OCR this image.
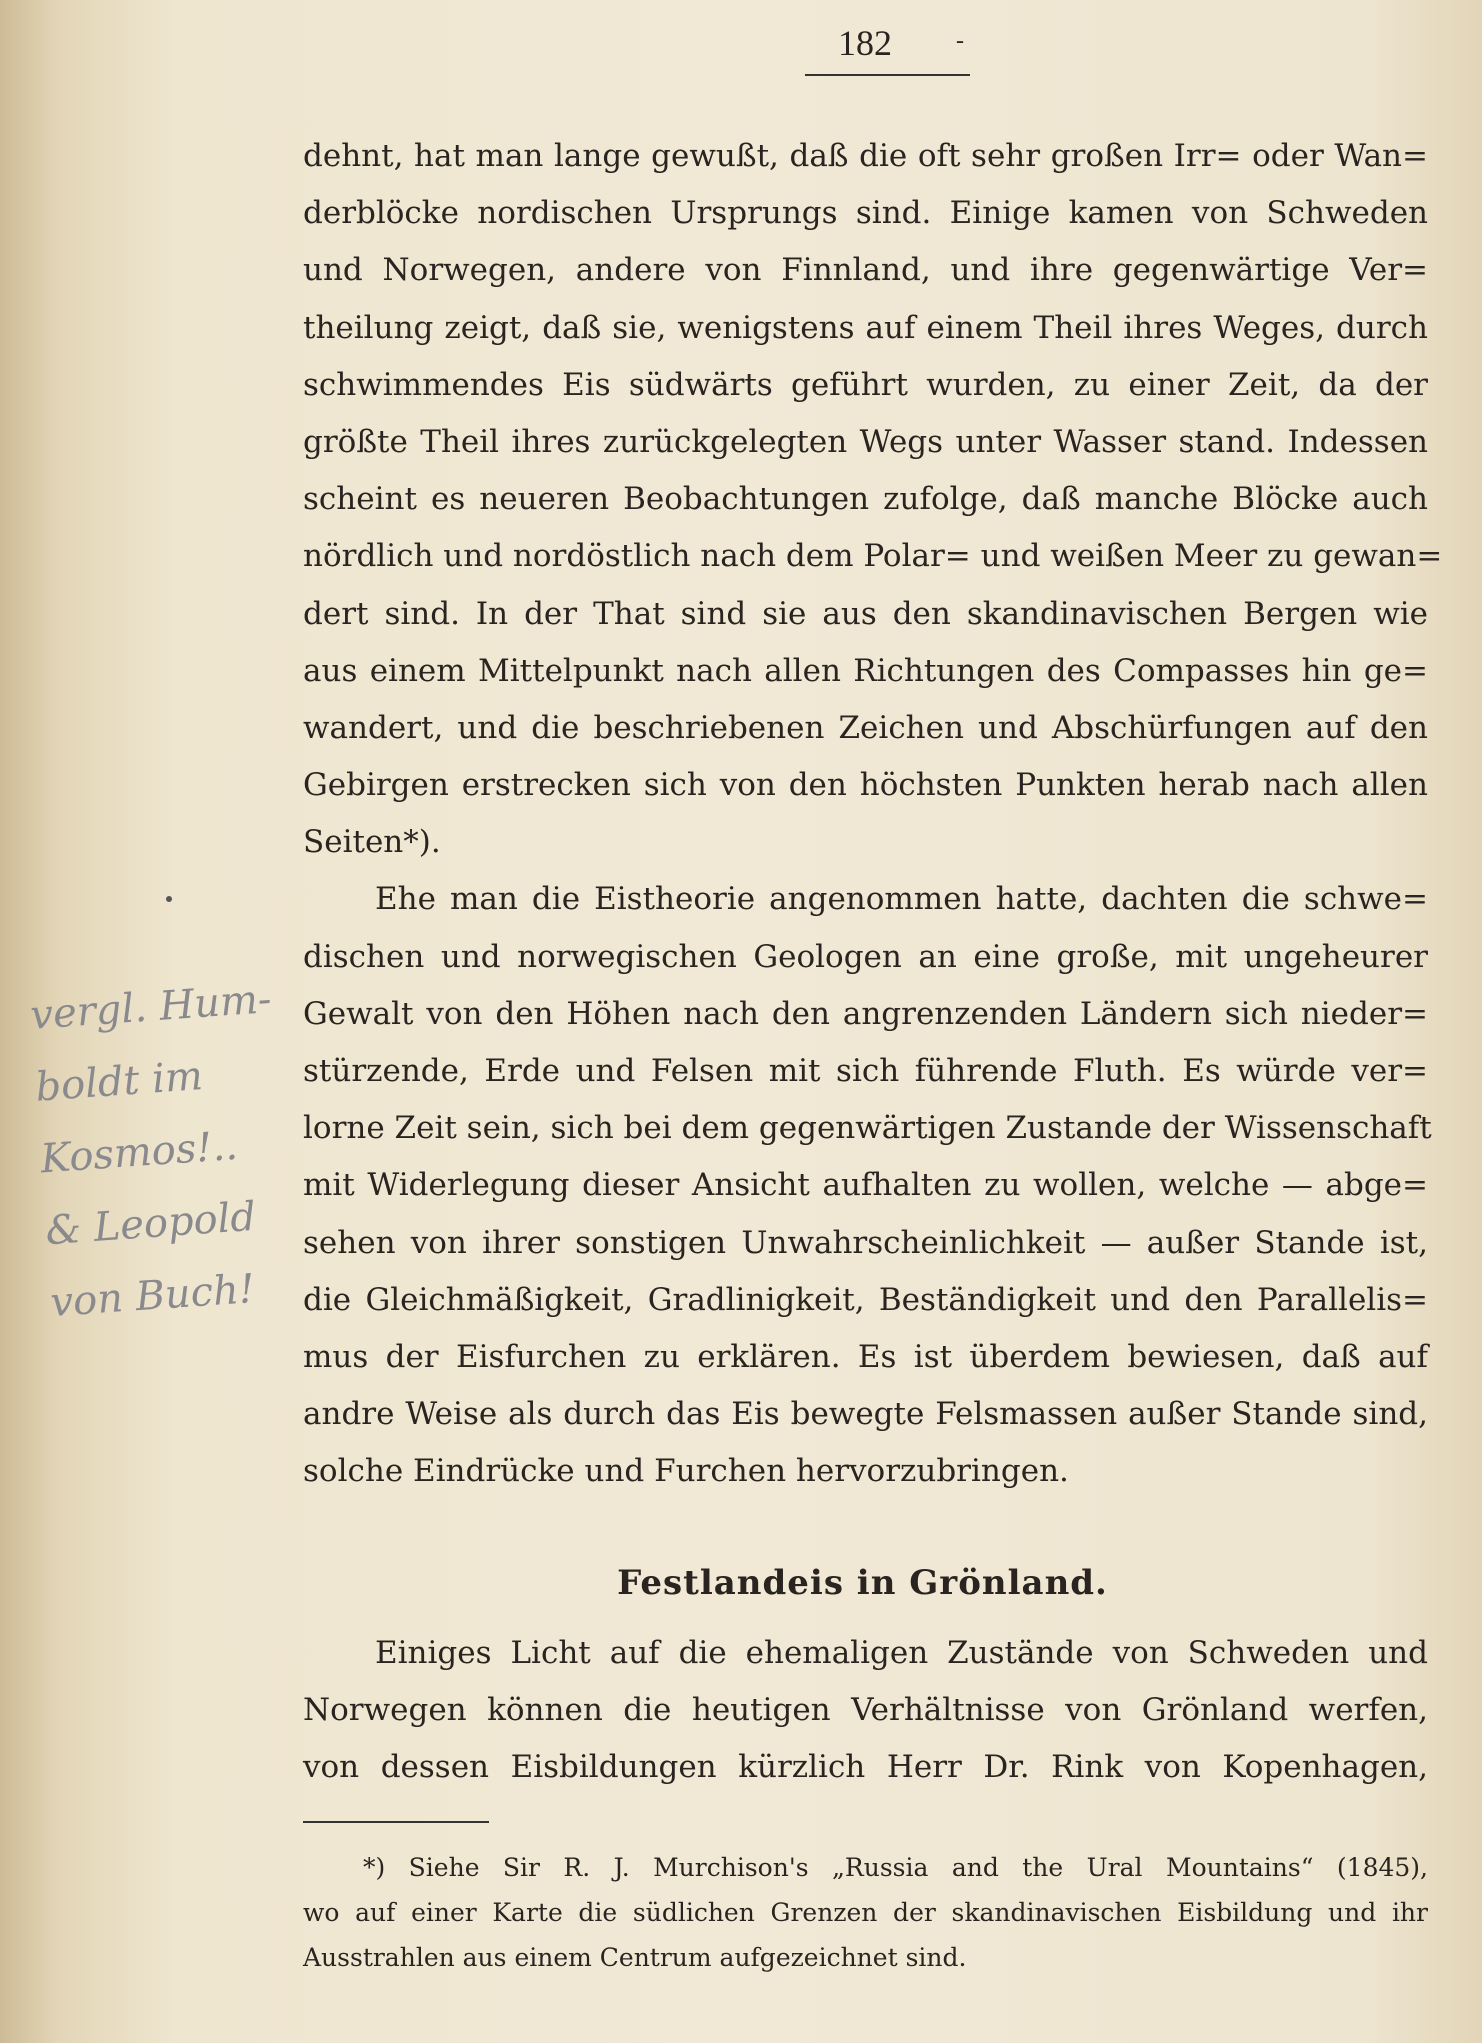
182	-
dehnt, hat man lange gewußt, daß die oft sehr großen Irr= oder Wan=
derblöcke nordischen Ursprungs sind. Einige kamen von Schweden
und Norwegen, andere von Finnland, und ihre gegenwärtige Ver=
theilung zeigt, daß sie, wenigstens auf einem Theil ihres Weges, durch
schwimmendes Eis südwärts geführt wurden, zu einer Zeit, da der
größte Theil ihres zurückgelegten Wegs unter Wasser stand. Indessen
scheint es neueren Beobachtungen zufolge, daß manche Blöcke auch
nördlich und nordöstlich nach dem Polar= und weißen Meer zu gewan=
dert sind. In der That sind sie aus den skandinavischen Bergen wie
aus einem Mittelpunkt nach allen Richtungen des Compasses hin ge=
wandert, und die beschriebenen Zeichen und Abschürfungen auf den
Gebirgen erstrecken sich von den höchsten Punkten herab nach allen
Seiten*).
Ehe man die Eistheorie angenommen hatte, dachten die schwe=
dischen und norwegischen Geologen an eine große, mit ungeheurer
Gewalt von den Höhen nach den angrenzenden Ländern sich nieder=
stürzende, Erde und Felsen mit sich führende Fluth. Es würde ver=
lorne Zeit sein, sich bei dem gegenwärtigen Zustande der Wissenschaft
mit Widerlegung dieser Ansicht aufhalten zu wollen, welche — abge=
sehen von ihrer sonstigen Unwahrscheinlichkeit — außer Stande ist,
die Gleichmäßigkeit, Gradlinigkeit, Beständigkeit und den Parallelis=
mus der Eisfurchen zu erklären. Es ist überdem bewiesen, daß auf
andre Weise als durch das Eis bewegte Felsmassen außer Stande sind,
solche Eindrücke und Furchen hervorzubringen.
vergl. Hum-
boldt im
Kosmos!..
& Leopold
von Buch!
Festlandeis in Grönland.
Einiges Licht auf die ehemaligen Zustände von Schweden und
Norwegen können die heutigen Verhältnisse von Grönland werfen,
von dessen Eisbildungen kürzlich Herr Dr. Rink von Kopenhagen,
*) Siehe Sir R. J. Murchison's „Russia and the Ural Mountains“ (1845),
wo auf einer Karte die südlichen Grenzen der skandinavischen Eisbildung und ihr
Ausstrahlen aus einem Centrum aufgezeichnet sind.
